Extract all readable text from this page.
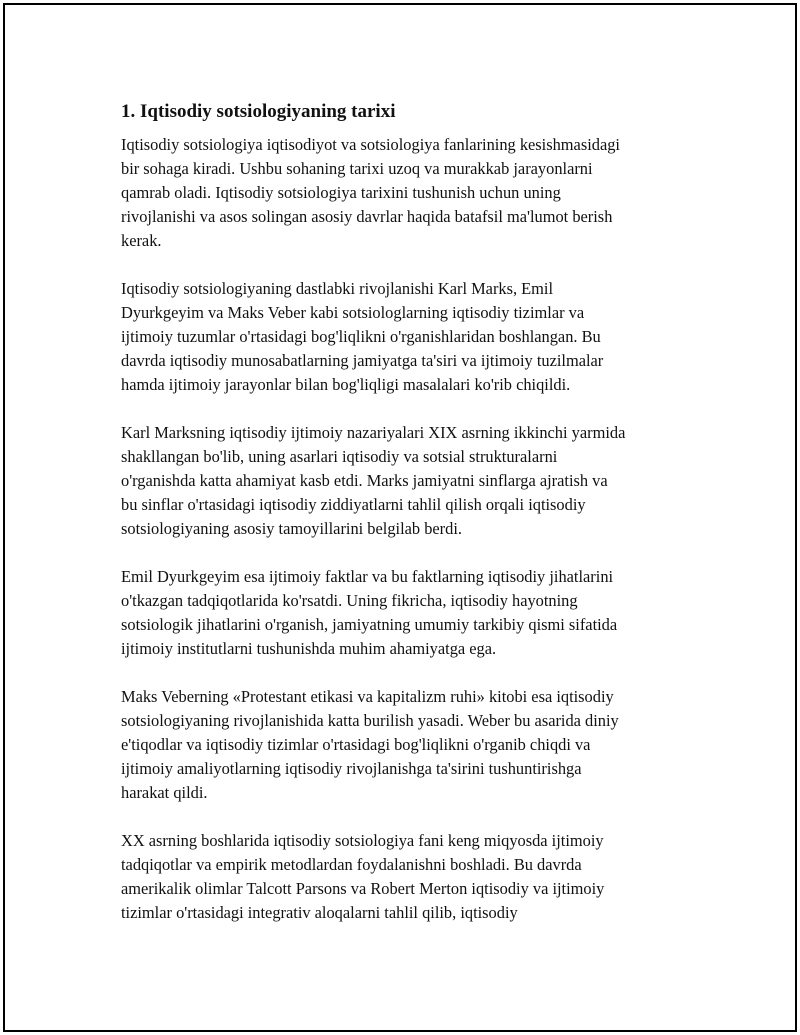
1. Iqtisodiy sotsiologiyaning tarixi

Iqtisodiy sotsiologiya iqtisodiyot va sotsiologiya fanlarining kesishmasidagi
bir sohaga kiradi. Ushbu sohaning tarixi uzoq va murakkab jarayonlarni
qamrab oladi. Iqtisodiy sotsiologiya tarixini tushunish uchun uning
rivojlanishi va asos solingan asosiy davrlar haqida batafsil ma'lumot berish
kerak.

Iqtisodiy sotsiologiyaning dastlabki rivojlanishi Karl Marks, Emil
Dyurkgeyim va Maks Veber kabi sotsiologlarning iqtisodiy tizimlar va
ijtimoiy tuzumlar o'rtasidagi bog'liqlikni o'rganishlaridan boshlangan. Bu
davrda iqtisodiy munosabatlarning jamiyatga ta'siri va ijtimoiy tuzilmalar
hamda ijtimoiy jarayonlar bilan bog'liqligi masalalari ko'rib chiqildi.

Karl Marksning iqtisodiy ijtimoiy nazariyalari XIX asrning ikkinchi yarmida
shakllangan bo'lib, uning asarlari iqtisodiy va sotsial strukturalarni
o'rganishda katta ahamiyat kasb etdi. Marks jamiyatni sinflarga ajratish va
bu sinflar o'rtasidagi iqtisodiy ziddiyatlarni tahlil qilish orqali iqtisodiy
sotsiologiyaning asosiy tamoyillarini belgilab berdi.

Emil Dyurkgeyim esa ijtimoiy faktlar va bu faktlarning iqtisodiy jihatlarini
o'tkazgan tadqiqotlarida ko'rsatdi. Uning fikricha, iqtisodiy hayotning
sotsiologik jihatlarini o'rganish, jamiyatning umumiy tarkibiy qismi sifatida
ijtimoiy institutlarni tushunishda muhim ahamiyatga ega.

Maks Veberning «Protestant etikasi va kapitalizm ruhi» kitobi esa iqtisodiy
sotsiologiyaning rivojlanishida katta burilish yasadi. Weber bu asarida diniy
e'tiqodlar va iqtisodiy tizimlar o'rtasidagi bog'liqlikni o'rganib chiqdi va
ijtimoiy amaliyotlarning iqtisodiy rivojlanishga ta'sirini tushuntirishga
harakat qildi.

XX asrning boshlarida iqtisodiy sotsiologiya fani keng miqyosda ijtimoiy
tadqiqotlar va empirik metodlardan foydalanishni boshladi. Bu davrda
amerikalik olimlar Talcott Parsons va Robert Merton iqtisodiy va ijtimoiy
tizimlar o'rtasidagi integrativ aloqalarni tahlil qilib, iqtisodiy
